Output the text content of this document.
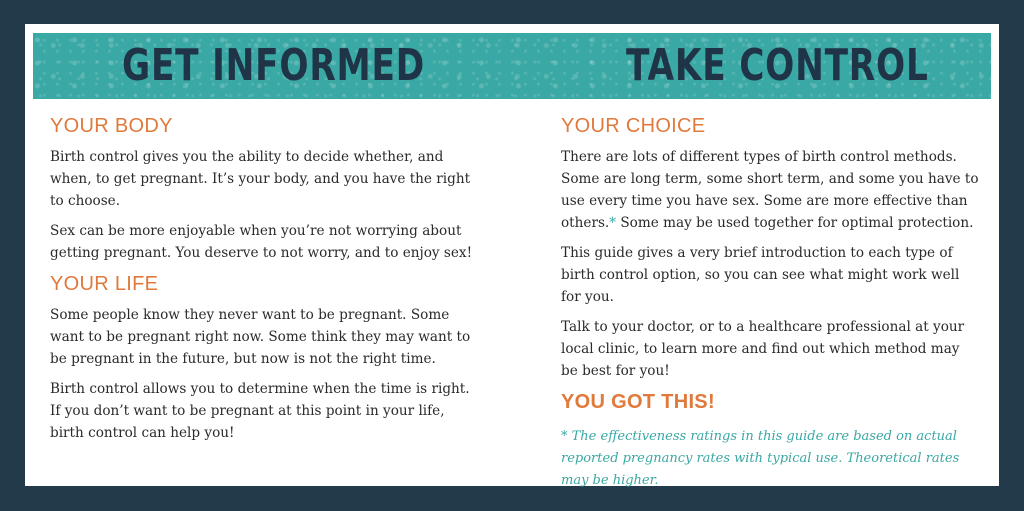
GET INFORMED	TAKE CONTROL
YOUR BODY

Birth control gives you the ability to decide whether, and when, to get pregnant. It’s your body, and you have the right to choose.

Sex can be more enjoyable when you’re not worrying about getting pregnant. You deserve to not worry, and to enjoy sex!

YOUR LIFE

Some people know they never want to be pregnant. Some want to be pregnant right now. Some think they may want to be pregnant in the future, but now is not the right time.

Birth control allows you to determine when the time is right. If you don’t want to be pregnant at this point in your life, birth control can help you!

YOUR CHOICE

There are lots of different types of birth control methods. Some are long term, some short term, and some you have to use every time you have sex. Some are more effective than others.* Some may be used together for optimal protection.

This guide gives a very brief introduction to each type of birth control option, so you can see what might work well for you.

Talk to your doctor, or to a healthcare professional at your local clinic, to learn more and find out which method may be best for you!

YOU GOT THIS!
* The effectiveness ratings in this guide are based on actual reported pregnancy rates with typical use. Theoretical rates may be higher.
